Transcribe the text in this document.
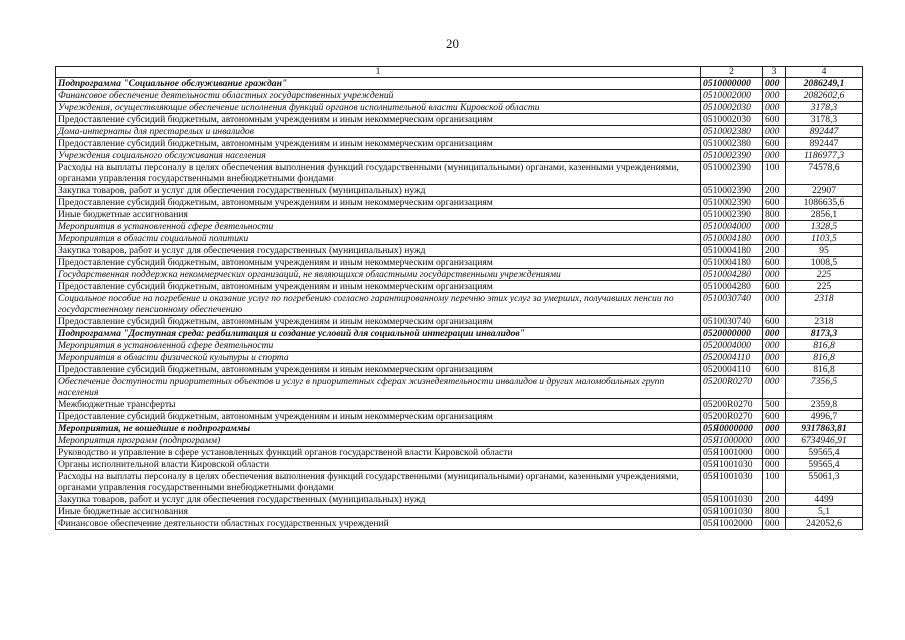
20
1	2	3	4
Подпрограмма "Социальное обслуживание граждан"	0510000000	000	2086249,1
Финансовое обеспечение деятельности областных государственных учреждений	0510002000	000	2082602,6
Учреждения, осуществляющие обеспечение исполнения функций органов исполнительной власти Кировской области	0510002030	000	3178,3
Предоставление субсидий бюджетным, автономным учреждениям и иным некоммерческим организациям	0510002030	600	3178,3
Дома-интернаты для престарелых и инвалидов	0510002380	000	892447
Предоставление субсидий бюджетным, автономным учреждениям и иным некоммерческим организациям	0510002380	600	892447
Учреждения социального обслуживания населения	0510002390	000	1186977,3
Расходы на выплаты персоналу в целях обеспечения выполнения функций государственными (муниципальными) органами, казенными учреждениями, органами управления государственными внебюджетными фондами	0510002390	100	74578,6
Закупка товаров, работ и услуг для обеспечения государственных (муниципальных) нужд	0510002390	200	22907
Предоставление субсидий бюджетным, автономным учреждениям и иным некоммерческим организациям	0510002390	600	1086635,6
Иные бюджетные ассигнования	0510002390	800	2856,1
Мероприятия в установленной сфере деятельности	0510004000	000	1328,5
Мероприятия в области социальной политики	0510004180	000	1103,5
Закупка товаров, работ и услуг для обеспечения государственных (муниципальных) нужд	0510004180	200	95
Предоставление субсидий бюджетным, автономным учреждениям и иным некоммерческим организациям	0510004180	600	1008,5
Государственная поддержка некоммерческих организаций, не являющихся областными государственными учреждениями	0510004280	000	225
Предоставление субсидий бюджетным, автономным учреждениям и иным некоммерческим организациям	0510004280	600	225
Социальное пособие на погребение и оказание услуг по погребению согласно гарантированному перечню этих услуг за умерших, получавших пенсии по государственному пенсионному обеспечению	0510030740	000	2318
Предоставление субсидий бюджетным, автономным учреждениям и иным некоммерческим организациям	0510030740	600	2318
Подпрограмма "Доступная среда: реабилитация и создание условий для социальной интеграции инвалидов"	0520000000	000	8173,3
Мероприятия в установленной сфере деятельности	0520004000	000	816,8
Мероприятия в области физической культуры и спорта	0520004110	000	816,8
Предоставление субсидий бюджетным, автономным учреждениям и иным некоммерческим организациям	0520004110	600	816,8
Обеспечение доступности приоритетных объектов и услуг в приоритетных сферах жизнедеятельности инвалидов и других маломобильных групп населения	05200R0270	000	7356,5
Межбюджетные трансферты	05200R0270	500	2359,8
Предоставление субсидий бюджетным, автономным учреждениям и иным некоммерческим организациям	05200R0270	600	4996,7
Мероприятия, не вошедшие в подпрограммы	05Я0000000	000	9317863,81
Мероприятия программ (подпрограмм)	05Я1000000	000	6734946,91
Руководство и управление в сфере установленных функций органов государственой власти Кировской области	05Я1001000	000	59565,4
Органы исполнительной власти Кировской области	05Я1001030	000	59565,4
Расходы на выплаты персоналу в целях обеспечения выполнения функций государственными (муниципальными) органами, казенными учреждениями, органами управления государственными внебюджетными фондами	05Я1001030	100	55061,3
Закупка товаров, работ и услуг для обеспечения государственных (муниципальных) нужд	05Я1001030	200	4499
Иные бюджетные ассигнования	05Я1001030	800	5,1
Финансовое обеспечение деятельности областных государственных учреждений	05Я1002000	000	242052,6
